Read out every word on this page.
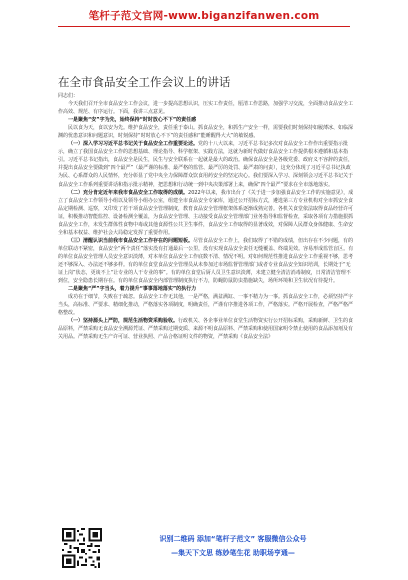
笔杆子范文官网-www.biganzifanwen.com
在全市食品安全工作会议上的讲话

同志们：

今天我们召开全市食品安全工作会议，进一步提高思想认识，压实工作责任，厘清工作思路，加强学习交流，全面推动食品安全工作高效、规范、有序运行。下面，我讲三点意见。

一是聚焦“安”字为先，始终保持“时时放心不下”的责任感

民以食为天，食以安为先。维护食品安全，责任重于泰山。抓食品安全，和抓生产安全一样，需要我们时刻保持如履薄冰、如临深渊的忧患意识和问题意识，时刻保持“时时放心不下”的责任感和“能睡醒得大大”的敏锐感。

（一）深入学习习近平总书记关于食品安全工作重要论述。党的十八大以来，习近平总书记多次对食品安全工作作出重要指示批示，确立了我国食品安全工作的思想基础、理论指导、科学框架、实践方法，这就为新时代做好食品安全工作提供根本遵循和基本指引。习近平总书记指出，食品安全是民生，民生与安全联系在一起就是最大的政治。确保食品安全是各级党委、政府义不容辞的责任，并提出食品安全要做到“四个最严”（最严谨的标准、最严格的监管、最严厉的处罚、最严肃的问责），这充分体现了习近平总书记执政为民、心系群众的人民情怀，充分彰显了党中央全力保障群众饮食用药安全的坚定决心。我们要深入学习、深刻领会习近平总书记关于食品安全工作系列重要讲话和指示批示精神，把思想和行动统一到中央决策部署上来，确保“四个最严”要求在全市落地落实。

（二）充分肯定近年来我市食品安全工作取得的成绩。2022年以来，我市出台了《关于进一步加强食品安全工作的实施意见》，成立了食品安全工作领导小组以及领导小组办公室，组建全市食品安全专家库，通过公开招标方式，遴选第三方专业机构对全市抓安全食品定期检测、巡察，又印发了若干项食品安全管理制度，教育食品安全管理框架体系逐渐成熟完善。各机关食堂依法取得食品经营许可证，积极推动智能监控、设备检测全覆盖，为食品安全管理、主动接受食品安全管理部门业务指导和监督检查，采取各项有力措施狠抓食品安全工作，未发生群体性食物中毒或其他食源性公共卫生事件，食品安全工作取得的显著成效，对保障人民群众身体健康、生命安全和基本权益、维护社会大局稳定发挥了重要作用。

（三）清醒认识当前我市食品安全工作存在的问题短板。尽管食品安全工作上，我们取得了不错的成绩，但出存在不少问题，有的单位联动不紧密，食品安全“两个责任”落实没有打通最后一公里，没有实现食品安全责任无缝覆盖、终端见效。容易形成监管盲区。有的单位食品安全管理人员安全意识淡薄，对本单位食品安全工作底数不清、情况不明。对如何规范性推进食品安全工作重视不够，思考还不够深入、办法还不够多样。有的单位食堂食品安全管理员从未参加过市场监督管理部门或者专业食品安全知识培训，长期处于“无证上岗”状态，更谈不上“让专业的人干专业的事”。有的单位食堂后厨人员卫生意识淡薄，未建立健全清洁消毒制度，日常清洁管理不到位，安全隐患长期存在。有的单位食品安全内部管理制度执行不力，防蝇防鼠防虫措施缺失，场所环境和卫生状况有待提升。

二是聚焦“严”字当头，着力提升“事事落地落实”的执行力

成功在于细节，失败在于疏忽。食品安全工作无其他，一是严格，满盆满缸、一事不精力为一事。抓食品安全工作，必须坚持严字当头，高标准、严要求、精细化推动，严格落实各项制度，明确责任，严谨有序推进各项工作，严格落实。严格开展检查，严格严格严格整改。

（一）坚持源头上严防，规范生活物资采购验收。行政机关、各企事业单位食堂生活物资实行公开招标采购，采购新鲜、卫生的食品原料，严禁采购无食品安全溯源凭证、严禁采购过期变质、来源不明食品原料、严禁采购和使用国家明令禁止使用的食品添加剂及有关用品。严禁采购无生产许可证、营业执照、产品合格证明文件的物资，严禁采购《食品安全法》

识别二维码 添加“笔杆子范文” 客服微信公众号
—集天下文思 练妙笔生花 助职场亨通—
